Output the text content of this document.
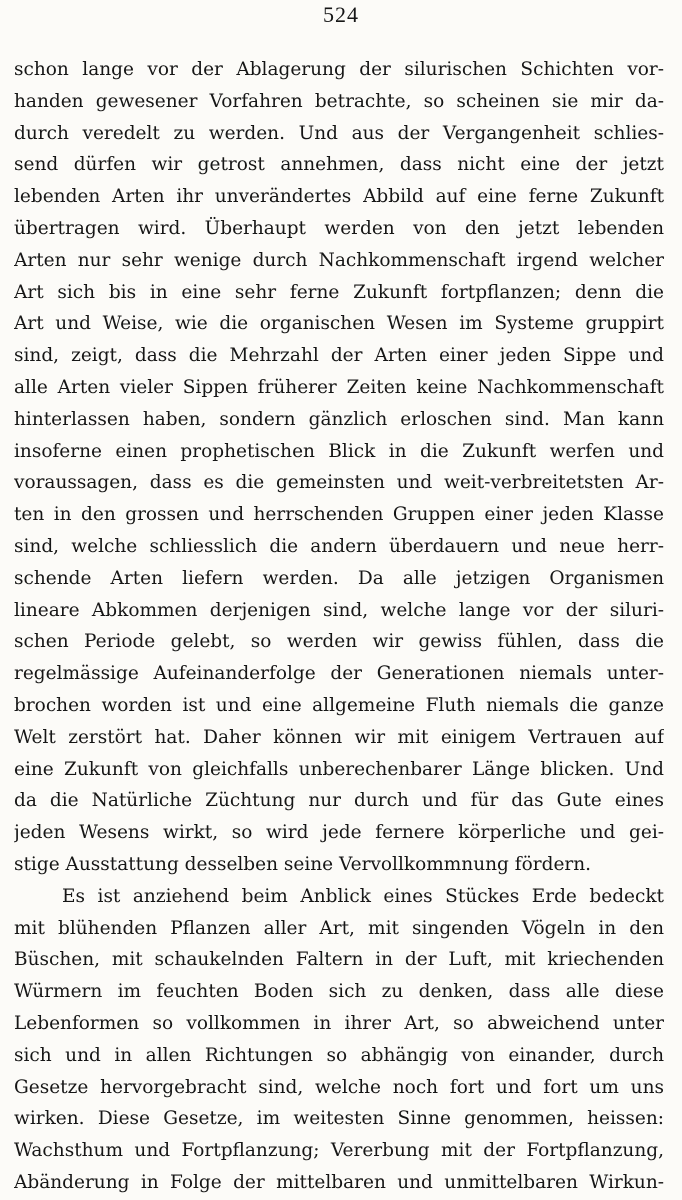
524
schon lange vor der Ablagerung der silurischen Schichten vor-
handen gewesener Vorfahren betrachte, so scheinen sie mir da-
durch veredelt zu werden. Und aus der Vergangenheit schlies-
send dürfen wir getrost annehmen, dass nicht eine der jetzt
lebenden Arten ihr unverändertes Abbild auf eine ferne Zukunft
übertragen wird. Überhaupt werden von den jetzt lebenden
Arten nur sehr wenige durch Nachkommenschaft irgend welcher
Art sich bis in eine sehr ferne Zukunft fortpflanzen; denn die
Art und Weise, wie die organischen Wesen im Systeme gruppirt
sind, zeigt, dass die Mehrzahl der Arten einer jeden Sippe und
alle Arten vieler Sippen früherer Zeiten keine Nachkommenschaft
hinterlassen haben, sondern gänzlich erloschen sind. Man kann
insoferne einen prophetischen Blick in die Zukunft werfen und
voraussagen, dass es die gemeinsten und weit-verbreitetsten Ar-
ten in den grossen und herrschenden Gruppen einer jeden Klasse
sind, welche schliesslich die andern überdauern und neue herr-
schende Arten liefern werden. Da alle jetzigen Organismen
lineare Abkommen derjenigen sind, welche lange vor der siluri-
schen Periode gelebt, so werden wir gewiss fühlen, dass die
regelmässige Aufeinanderfolge der Generationen niemals unter-
brochen worden ist und eine allgemeine Fluth niemals die ganze
Welt zerstört hat. Daher können wir mit einigem Vertrauen auf
eine Zukunft von gleichfalls unberechenbarer Länge blicken. Und
da die Natürliche Züchtung nur durch und für das Gute eines
jeden Wesens wirkt, so wird jede fernere körperliche und gei-
stige Ausstattung desselben seine Vervollkommnung fördern.
Es ist anziehend beim Anblick eines Stückes Erde bedeckt
mit blühenden Pflanzen aller Art, mit singenden Vögeln in den
Büschen, mit schaukelnden Faltern in der Luft, mit kriechenden
Würmern im feuchten Boden sich zu denken, dass alle diese
Lebenformen so vollkommen in ihrer Art, so abweichend unter
sich und in allen Richtungen so abhängig von einander, durch
Gesetze hervorgebracht sind, welche noch fort und fort um uns
wirken. Diese Gesetze, im weitesten Sinne genommen, heissen:
Wachsthum und Fortpflanzung; Vererbung mit der Fortpflanzung,
Abänderung in Folge der mittelbaren und unmittelbaren Wirkun-
